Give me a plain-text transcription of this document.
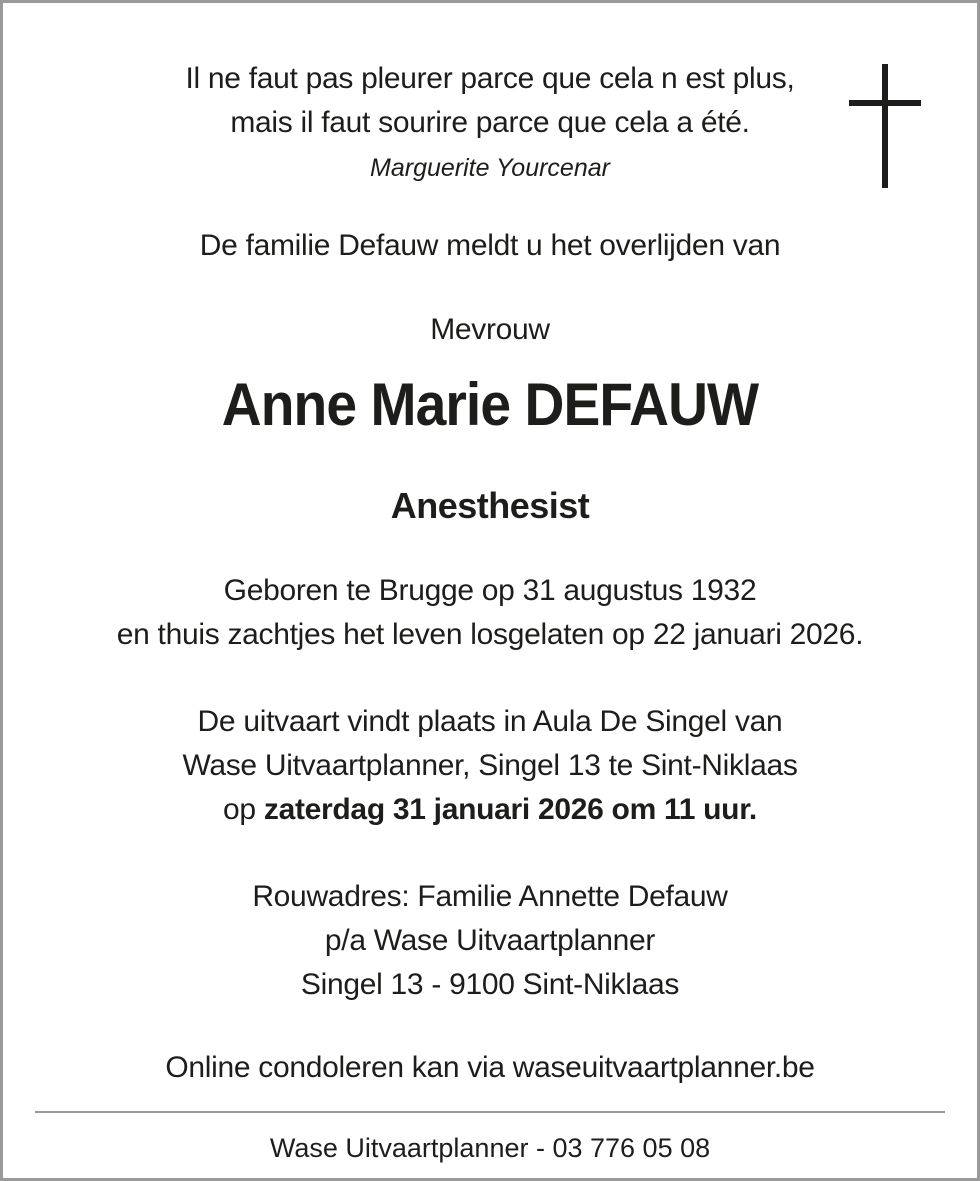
Il ne faut pas pleurer parce que cela n est plus,
mais il faut sourire parce que cela a été.
Marguerite Yourcenar
De familie Defauw meldt u het overlijden van
Mevrouw
Anne Marie DEFAUW
Anesthesist
Geboren te Brugge op 31 augustus 1932
en thuis zachtjes het leven losgelaten op 22 januari 2026.
De uitvaart vindt plaats in Aula De Singel van
Wase Uitvaartplanner, Singel 13 te Sint-Niklaas
op zaterdag 31 januari 2026 om 11 uur.
Rouwadres: Familie Annette Defauw
p/a Wase Uitvaartplanner
Singel 13 - 9100 Sint-Niklaas
Online condoleren kan via waseuitvaartplanner.be
Wase Uitvaartplanner - 03 776 05 08
